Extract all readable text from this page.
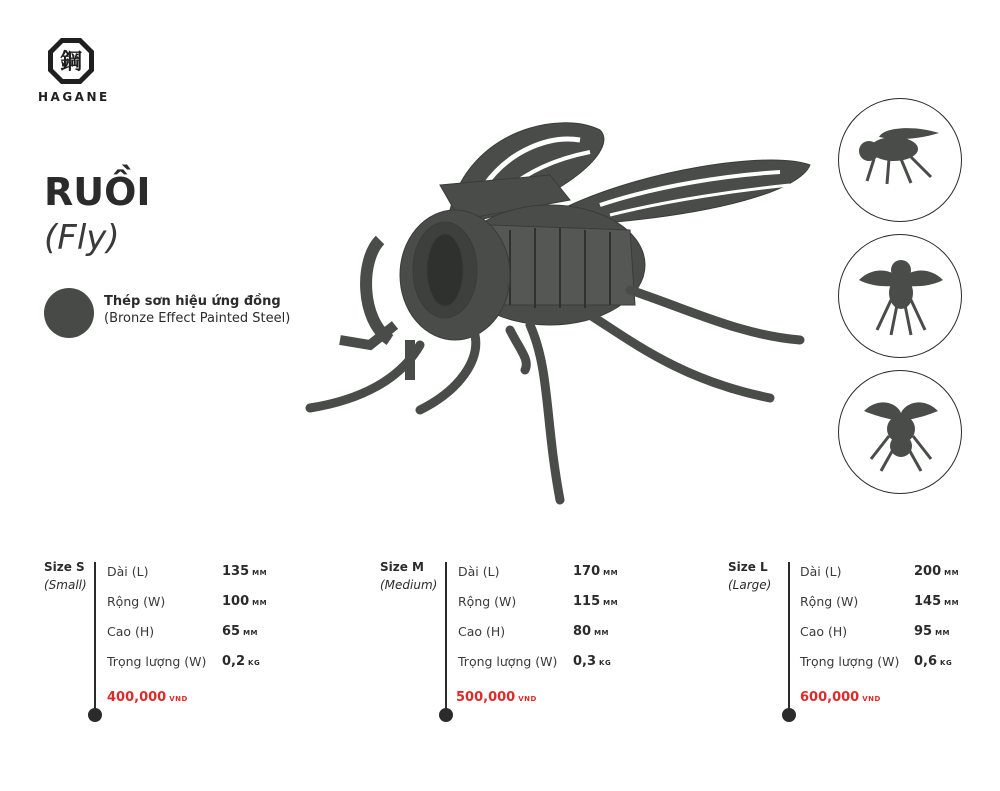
鋼
HAGANE
RUỒI
(Fly)
Thép sơn hiệu ứng đồng
(Bronze Effect Painted Steel)
Size S
(Small)
Dài (L)
Rộng (W)
Cao (H)
Trọng lượng (W)
135 MM
100 MM
65 MM
0,2 KG
400,000 VND
Size M
(Medium)
Dài (L)
Rộng (W)
Cao (H)
Trọng lượng (W)
170 MM
115 MM
80 MM
0,3 KG
500,000 VND
Size L
(Large)
Dài (L)
Rộng (W)
Cao (H)
Trọng lượng (W)
200 MM
145 MM
95 MM
0,6 KG
600,000 VND
